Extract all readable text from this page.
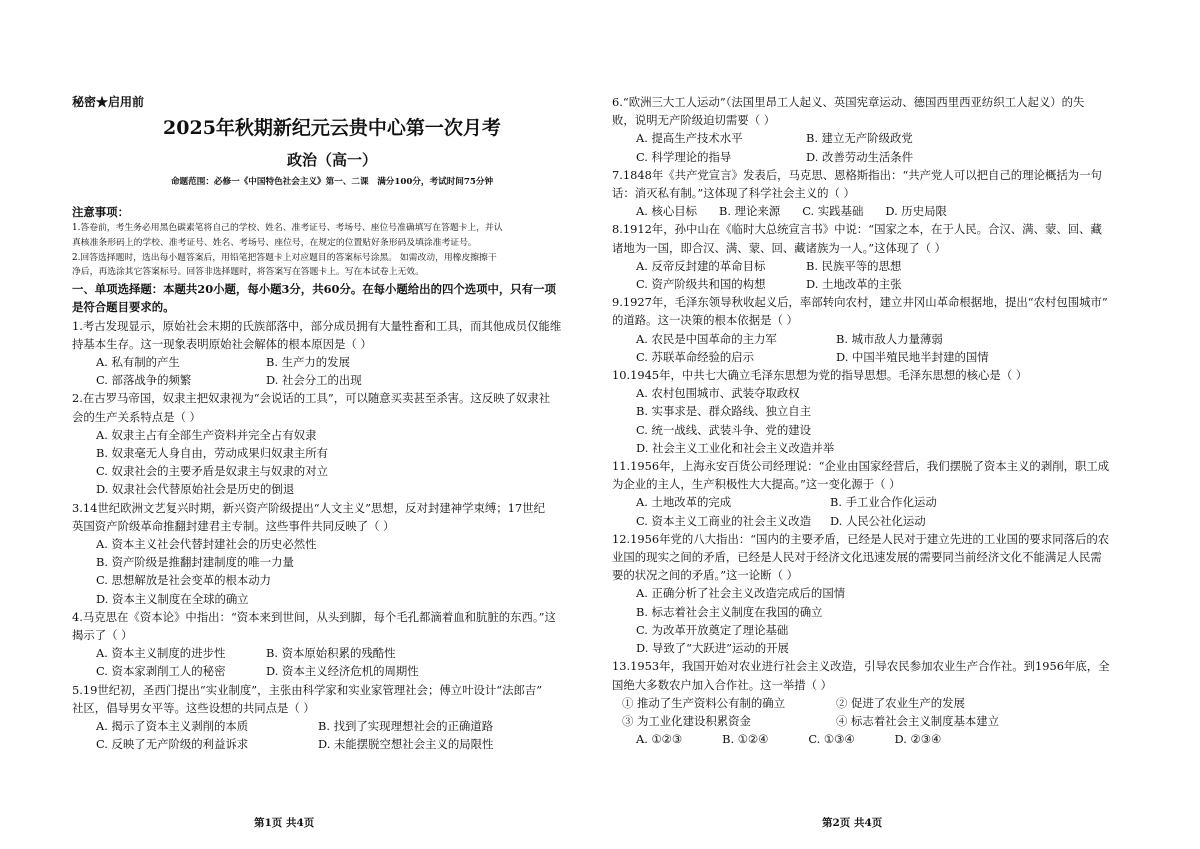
秘密★启用前
2025年秋期新纪元云贵中心第一次月考
政治（高一）
命题范围：必修一《中国特色社会主义》第一、二课　满分100分，考试时间75分钟
注意事项：
1.答卷前，考生务必用黑色碳素笔将自己的学校、姓名、准考证号、考场号、座位号准确填写在答题卡上，并认
真核准条形码上的学校、准考证号、姓名、考场号、座位号，在规定的位置贴好条形码及填涂准考证号。
2.回答选择题时，选出每小题答案后，用铅笔把答题卡上对应题目的答案标号涂黑。 如需改动，用橡皮擦擦干
净后，再选涂其它答案标号。回答非选择题时，将答案写在答题卡上。写在本试卷上无效。
一、单项选择题：本题共20小题，每小题3分，共60分。在每小题给出的四个选项中，只有一项
是符合题目要求的。
1.考古发现显示，原始社会末期的氏族部落中，部分成员拥有大量牲畜和工具，而其他成员仅能维
持基本生存。这一现象表明原始社会解体的根本原因是（ ）
A. 私有制的产生	B. 生产力的发展
C. 部落战争的频繁	D. 社会分工的出现
2.在古罗马帝国，奴隶主把奴隶视为“会说话的工具”，可以随意买卖甚至杀害。这反映了奴隶社
会的生产关系特点是（ ）
A. 奴隶主占有全部生产资料并完全占有奴隶
B. 奴隶毫无人身自由，劳动成果归奴隶主所有
C. 奴隶社会的主要矛盾是奴隶主与奴隶的对立
D. 奴隶社会代替原始社会是历史的倒退
3.14世纪欧洲文艺复兴时期，新兴资产阶级提出“人文主义”思想，反对封建神学束缚；17世纪
英国资产阶级革命推翻封建君主专制。这些事件共同反映了（ ）
A. 资本主义社会代替封建社会的历史必然性
B. 资产阶级是推翻封建制度的唯一力量
C. 思想解放是社会变革的根本动力
D. 资本主义制度在全球的确立
4.马克思在《资本论》中指出：“资本来到世间，从头到脚，每个毛孔都滴着血和肮脏的东西。”这
揭示了（ ）
A. 资本主义制度的进步性	B. 资本原始积累的残酷性
C. 资本家剥削工人的秘密	D. 资本主义经济危机的周期性
5.19世纪初，圣西门提出“实业制度”，主张由科学家和实业家管理社会；傅立叶设计“法郎吉”
社区，倡导男女平等。这些设想的共同点是（ ）
A. 揭示了资本主义剥削的本质	B. 找到了实现理想社会的正确道路
C. 反映了无产阶级的利益诉求	D. 未能摆脱空想社会主义的局限性
第1页 共4页
6.“欧洲三大工人运动”（法国里昂工人起义、英国宪章运动、德国西里西亚纺织工人起义）的失
败，说明无产阶级迫切需要（ ）
A. 提高生产技术水平	B. 建立无产阶级政党
C. 科学理论的指导	D. 改善劳动生活条件
7.1848年《共产党宣言》发表后，马克思、恩格斯指出：“共产党人可以把自己的理论概括为一句
话：消灭私有制。”这体现了科学社会主义的（ ）
A. 核心目标 B. 理论来源 C. 实践基础 D. 历史局限
8.1912年，孙中山在《临时大总统宣言书》中说：“国家之本，在于人民。合汉、满、蒙、回、藏
诸地为一国，即合汉、满、蒙、回、藏诸族为一人。”这体现了（ ）
A. 反帝反封建的革命目标	B. 民族平等的思想
C. 资产阶级共和国的构想	D. 土地改革的主张
9.1927年，毛泽东领导秋收起义后，率部转向农村，建立井冈山革命根据地，提出“农村包围城市”
的道路。这一决策的根本依据是（ ）
A. 农民是中国革命的主力军	B. 城市敌人力量薄弱
C. 苏联革命经验的启示	D. 中国半殖民地半封建的国情
10.1945年，中共七大确立毛泽东思想为党的指导思想。毛泽东思想的核心是（ ）
A. 农村包围城市、武装夺取政权
B. 实事求是、群众路线、独立自主
C. 统一战线、武装斗争、党的建设
D. 社会主义工业化和社会主义改造并举
11.1956年，上海永安百货公司经理说：“企业由国家经营后，我们摆脱了资本主义的剥削，职工成
为企业的主人，生产积极性大大提高。”这一变化源于（ ）
A. 土地改革的完成	B. 手工业合作化运动
C. 资本主义工商业的社会主义改造	D. 人民公社化运动
12.1956年党的八大指出：“国内的主要矛盾，已经是人民对于建立先进的工业国的要求同落后的农
业国的现实之间的矛盾，已经是人民对于经济文化迅速发展的需要同当前经济文化不能满足人民需
要的状况之间的矛盾。”这一论断（ ）
A. 正确分析了社会主义改造完成后的国情
B. 标志着社会主义制度在我国的确立
C. 为改革开放奠定了理论基础
D. 导致了“大跃进”运动的开展
13.1953年，我国开始对农业进行社会主义改造，引导农民参加农业生产合作社。到1956年底，全
国绝大多数农户加入合作社。这一举措（ ）
① 推动了生产资料公有制的确立	② 促进了农业生产的发展
③ 为工业化建设积累资金	④ 标志着社会主义制度基本建立
A. ①②③	B. ①②④	C. ①③④	D. ②③④
第2页 共4页
